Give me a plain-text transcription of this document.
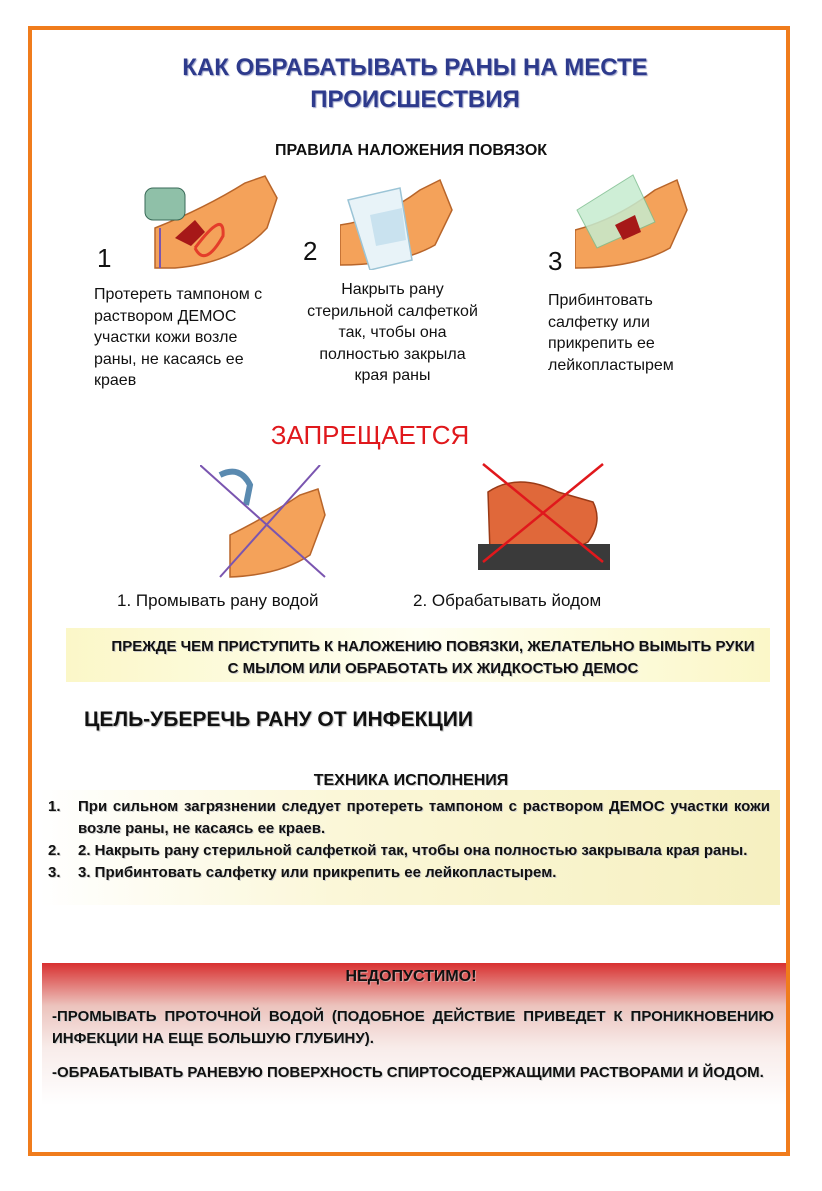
КАК ОБРАБАТЫВАТЬ РАНЫ НА МЕСТЕ ПРОИСШЕСТВИЯ
ПРАВИЛА НАЛОЖЕНИЯ ПОВЯЗОК
1
Протереть тампоном с раствором ДЕМОС участки кожи возле раны, не касаясь ее краев
2
Накрыть рану стерильной салфеткой так, чтобы она полностью закрыла края раны
3
Прибинтовать салфетку или прикрепить ее лейкопластырем
ЗАПРЕЩАЕТСЯ
1. Промывать рану водой	2. Обрабатывать йодом
ПРЕЖДЕ ЧЕМ ПРИСТУПИТЬ К НАЛОЖЕНИЮ ПОВЯЗКИ, ЖЕЛАТЕЛЬНО ВЫМЫТЬ РУКИ С МЫЛОМ ИЛИ ОБРАБОТАТЬ ИХ ЖИДКОСТЬЮ ДЕМОС
ЦЕЛЬ-УБЕРЕЧЬ РАНУ ОТ ИНФЕКЦИИ
ТЕХНИКА ИСПОЛНЕНИЯ
1. При сильном загрязнении следует протереть тампоном с раствором ДЕМОС участки кожи возле раны, не касаясь ее краев.
2. 2. Накрыть рану стерильной салфеткой так, чтобы она полностью закрывала края раны.
3. 3. Прибинтовать салфетку или прикрепить ее лейкопластырем.
НЕДОПУСТИМО!
-ПРОМЫВАТЬ ПРОТОЧНОЙ ВОДОЙ (ПОДОБНОЕ ДЕЙСТВИЕ ПРИВЕДЕТ К ПРОНИКНОВЕНИЮ ИНФЕКЦИИ НА ЕЩЕ БОЛЬШУЮ ГЛУБИНУ).
-ОБРАБАТЫВАТЬ РАНЕВУЮ ПОВЕРХНОСТЬ СПИРТОСОДЕРЖАЩИМИ РАСТВОРАМИ И ЙОДОМ.
